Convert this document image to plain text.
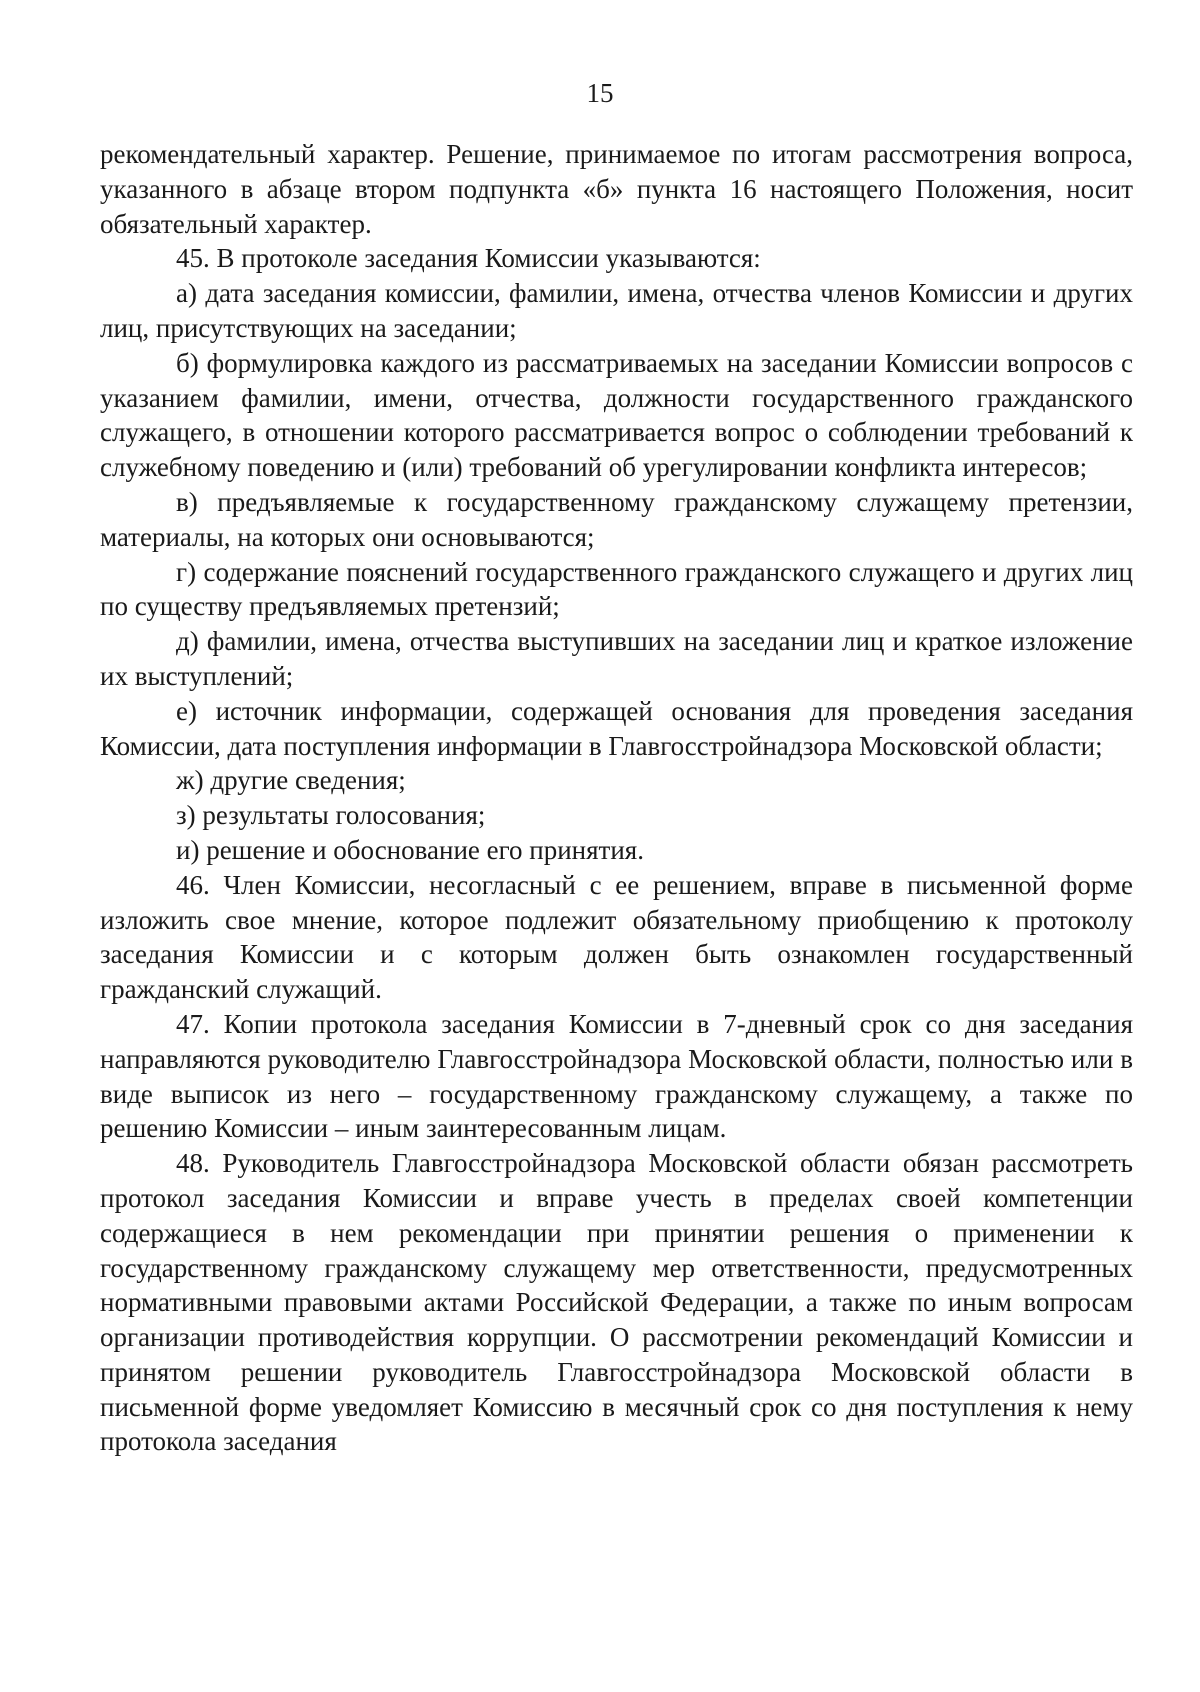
15

рекомендательный характер. Решение, принимаемое по итогам рассмотрения вопроса, указанного в абзаце втором подпункта «б» пункта 16 настоящего Положения, носит обязательный характер.

45. В протоколе заседания Комиссии указываются:

а) дата заседания комиссии, фамилии, имена, отчества членов Комиссии и других лиц, присутствующих на заседании;

б) формулировка каждого из рассматриваемых на заседании Комиссии вопросов с указанием фамилии, имени, отчества, должности государственного гражданского служащего, в отношении которого рассматривается вопрос о соблюдении требований к служебному поведению и (или) требований об урегулировании конфликта интересов;

в) предъявляемые к государственному гражданскому служащему претензии, материалы, на которых они основываются;

г) содержание пояснений государственного гражданского служащего и других лиц по существу предъявляемых претензий;

д) фамилии, имена, отчества выступивших на заседании лиц и краткое изложение их выступлений;

е) источник информации, содержащей основания для проведения заседания Комиссии, дата поступления информации в Главгосстройнадзора Московской области;

ж) другие сведения;

з) результаты голосования;

и) решение и обоснование его принятия.

46. Член Комиссии, несогласный с ее решением, вправе в письменной форме изложить свое мнение, которое подлежит обязательному приобщению к протоколу заседания Комиссии и с которым должен быть ознакомлен государственный гражданский служащий.

47. Копии протокола заседания Комиссии в 7-дневный срок со дня заседания направляются руководителю Главгосстройнадзора Московской области, полностью или в виде выписок из него – государственному гражданскому служащему, а также по решению Комиссии – иным заинтересованным лицам.

48. Руководитель Главгосстройнадзора Московской области обязан рассмотреть протокол заседания Комиссии и вправе учесть в пределах своей компетенции содержащиеся в нем рекомендации при принятии решения о применении к государственному гражданскому служащему мер ответственности, предусмотренных нормативными правовыми актами Российской Федерации, а также по иным вопросам организации противодействия коррупции. О рассмотрении рекомендаций Комиссии и принятом решении руководитель Главгосстройнадзора Московской области в письменной форме уведомляет Комиссию в месячный срок со дня поступления к нему протокола заседания
